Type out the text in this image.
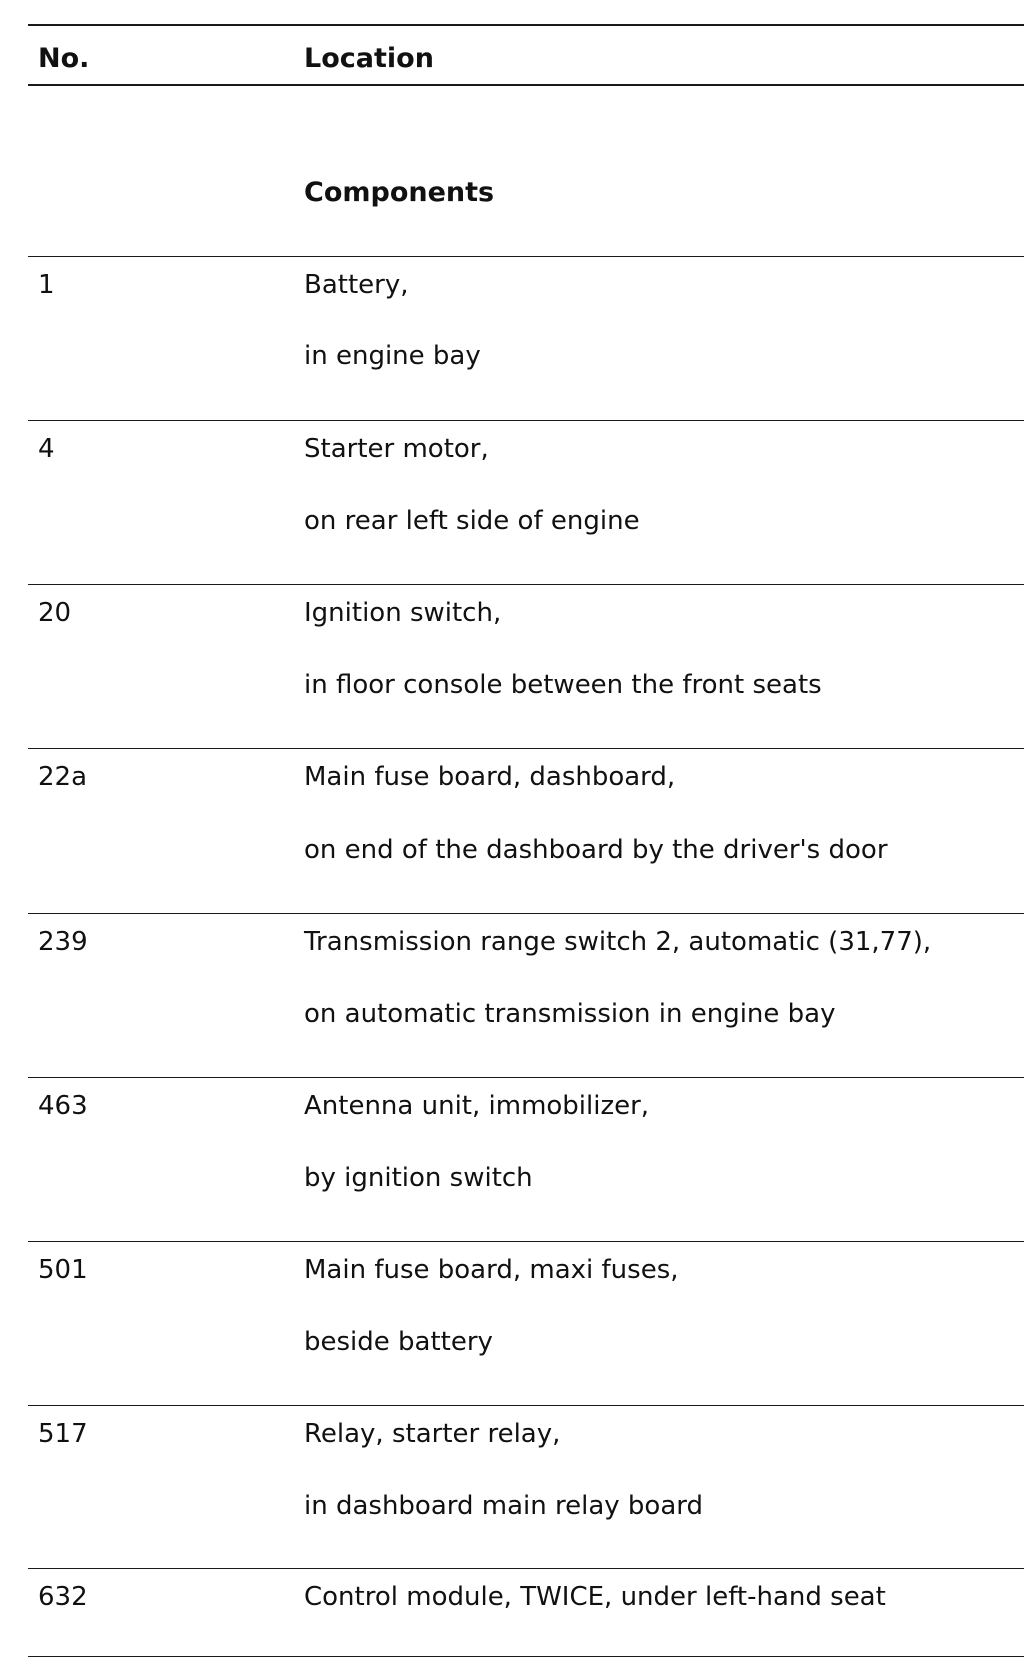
No.	Location
Components
1	Battery,
in engine bay
4	Starter motor,
on rear left side of engine
20	Ignition switch,
in floor console between the front seats
22a	Main fuse board, dashboard,
on end of the dashboard by the driver's door
239	Transmission range switch 2, automatic (31,77),
on automatic transmission in engine bay
463	Antenna unit, immobilizer,
by ignition switch
501	Main fuse board, maxi fuses,
beside battery
517	Relay, starter relay,
in dashboard main relay board
632	Control module, TWICE, under left-hand seat
